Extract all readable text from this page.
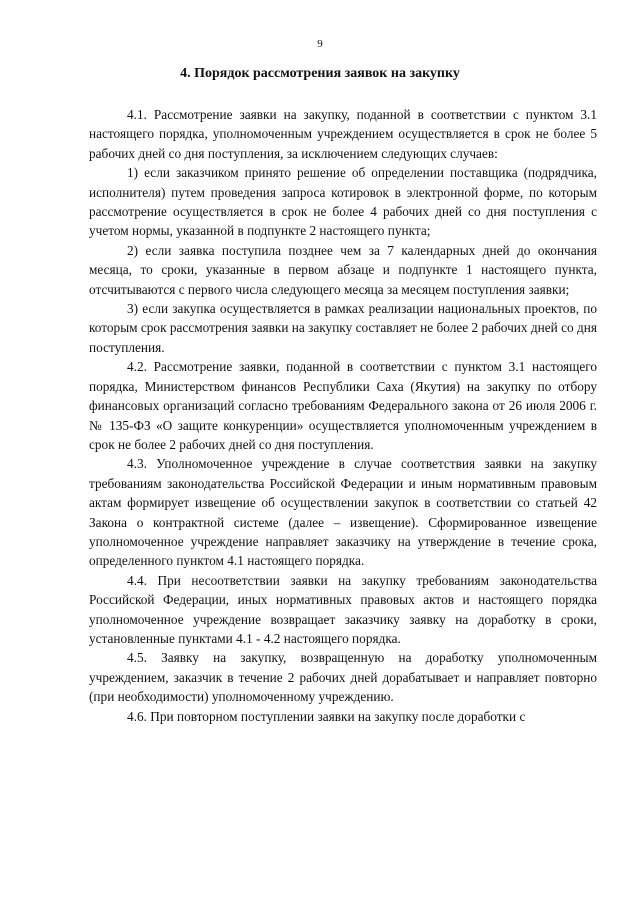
9
4. Порядок рассмотрения заявок на закупку

4.1. Рассмотрение заявки на закупку, поданной в соответствии с пунктом 3.1 настоящего порядка, уполномоченным учреждением осуществляется в срок не более 5 рабочих дней со дня поступления, за исключением следующих случаев:

1) если заказчиком принято решение об определении поставщика (подрядчика, исполнителя) путем проведения запроса котировок в электронной форме, по которым рассмотрение осуществляется в срок не более 4 рабочих дней со дня поступления с учетом нормы, указанной в подпункте 2 настоящего пункта;

2) если заявка поступила позднее чем за 7 календарных дней до окончания месяца, то сроки, указанные в первом абзаце и подпункте 1 настоящего пункта, отсчитываются с первого числа следующего месяца за месяцем поступления заявки;

3) если закупка осуществляется в рамках реализации национальных проектов, по которым срок рассмотрения заявки на закупку составляет не более 2 рабочих дней со дня поступления.

4.2. Рассмотрение заявки, поданной в соответствии с пунктом 3.1 настоящего порядка, Министерством финансов Республики Саха (Якутия) на закупку по отбору финансовых организаций согласно требованиям Федерального закона от 26 июля 2006 г. № 135-ФЗ «О защите конкуренции» осуществляется уполномоченным учреждением в срок не более 2 рабочих дней со дня поступления.

4.3. Уполномоченное учреждение в случае соответствия заявки на закупку требованиям законодательства Российской Федерации и иным нормативным правовым актам формирует извещение об осуществлении закупок в соответствии со статьей 42 Закона о контрактной системе (далее – извещение). Сформированное извещение уполномоченное учреждение направляет заказчику на утверждение в течение срока, определенного пунктом 4.1 настоящего порядка.

4.4. При несоответствии заявки на закупку требованиям законодательства Российской Федерации, иных нормативных правовых актов и настоящего порядка уполномоченное учреждение возвращает заказчику заявку на доработку в сроки, установленные пунктами 4.1 - 4.2 настоящего порядка.

4.5. Заявку на закупку, возвращенную на доработку уполномоченным учреждением, заказчик в течение 2 рабочих дней дорабатывает и направляет повторно (при необходимости) уполномоченному учреждению.

4.6. При повторном поступлении заявки на закупку после доработки с
